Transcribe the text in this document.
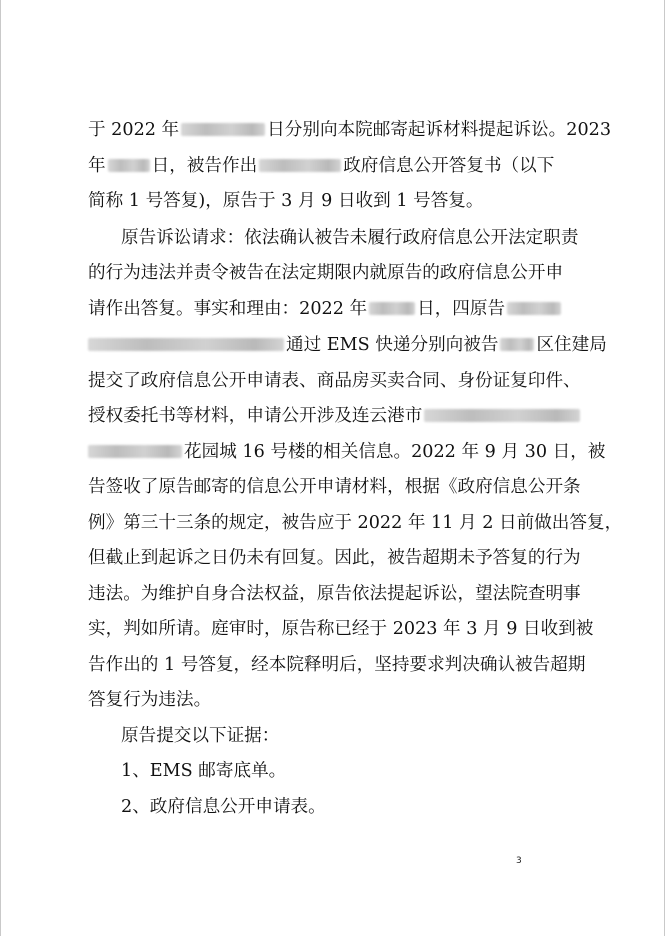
于 2022 年	日分别向本院邮寄起诉材料提起诉讼。2023
年	日，被告作出	政府信息公开答复书（以下
简称 1 号答复)，原告于 3 月 9 日收到 1 号答复。
原告诉讼请求：依法确认被告未履行政府信息公开法定职责
的行为违法并责令被告在法定期限内就原告的政府信息公开申
请作出答复。事实和理由：2022 年	日，四原告
通过 EMS 快递分别向被告 区住建局
提交了政府信息公开申请表、商品房买卖合同、身份证复印件、
授权委托书等材料，申请公开涉及连云港市
花园城 16 号楼的相关信息。2022 年 9 月 30 日，被
告签收了原告邮寄的信息公开申请材料，根据《政府信息公开条
例》第三十三条的规定，被告应于 2022 年 11 月 2 日前做出答复，
但截止到起诉之日仍未有回复。因此，被告超期未予答复的行为
违法。为维护自身合法权益，原告依法提起诉讼，望法院查明事
实，判如所请。庭审时，原告称已经于 2023 年 3 月 9 日收到被
告作出的 1 号答复，经本院释明后，坚持要求判决确认被告超期
答复行为违法。
原告提交以下证据：
1、EMS 邮寄底单。
2、政府信息公开申请表。
3
